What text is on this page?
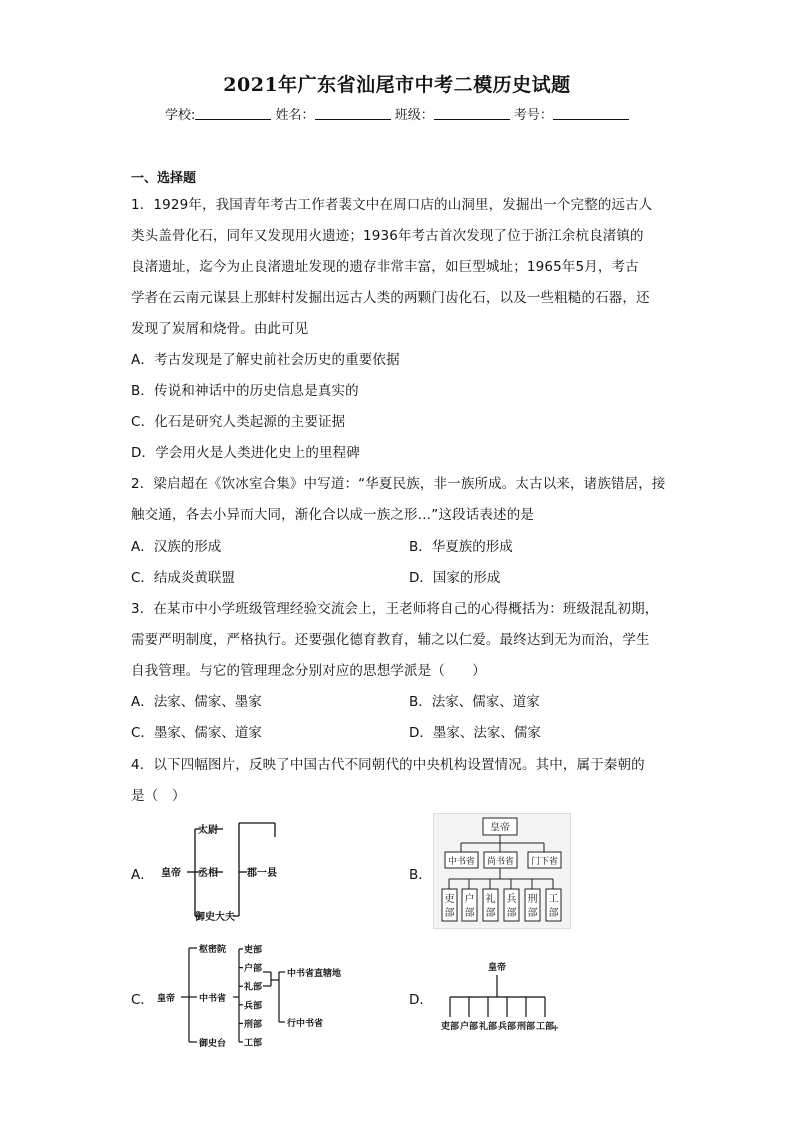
2021年广东省汕尾市中考二模历史试题
学校:	姓名：	班级：	考号：
一、选择题
1．1929年，我国青年考古工作者裴文中在周口店的山洞里，发掘出一个完整的远古人
类头盖骨化石，同年又发现用火遗迹；1936年考古首次发现了位于浙江余杭良渚镇的
良渚遗址，迄今为止良渚遗址发现的遗存非常丰富，如巨型城址；1965年5月，考古
学者在云南元谋县上那蚌村发掘出远古人类的两颗门齿化石，以及一些粗糙的石器，还
发现了炭屑和烧骨。由此可见
A．考古发现是了解史前社会历史的重要依据
B．传说和神话中的历史信息是真实的
C．化石是研究人类起源的主要证据
D．学会用火是人类进化史上的里程碑
2．梁启超在《饮冰室合集》中写道：“华夏民族，非一族所成。太古以来，诸族错居，接
触交通，各去小异而大同，渐化合以成一族之形…”这段话表述的是
A．汉族的形成	B．华夏族的形成
C．结成炎黄联盟	D．国家的形成
3．在某市中小学班级管理经验交流会上，王老师将自己的心得概括为：班级混乱初期，
需要严明制度，严格执行。还要强化德育教育，辅之以仁爱。最终达到无为而治，学生
自我管理。与它的管理理念分别对应的思想学派是（　　）
A．法家、儒家、墨家	B．法家、儒家、道家
C．墨家、儒家、道家	D．墨家、法家、儒家
4．以下四幅图片，反映了中国古代不同朝代的中央机构设置情况。其中，属于秦朝的
是（　）
A．	B．
C．	D．
皇帝
太尉
丞相
御史大夫
郡一县
皇帝
中书省 尚书省 门下省
吏
部
户
部
礼
部
兵
部
刑
部
工
部
皇帝
枢密院
中书省
御史台
中书省直辖地
行中书省
吏部
户部
礼部
兵部
刑部
工部
皇帝
+
吏部 户部 礼部 兵部 刑部 工部
